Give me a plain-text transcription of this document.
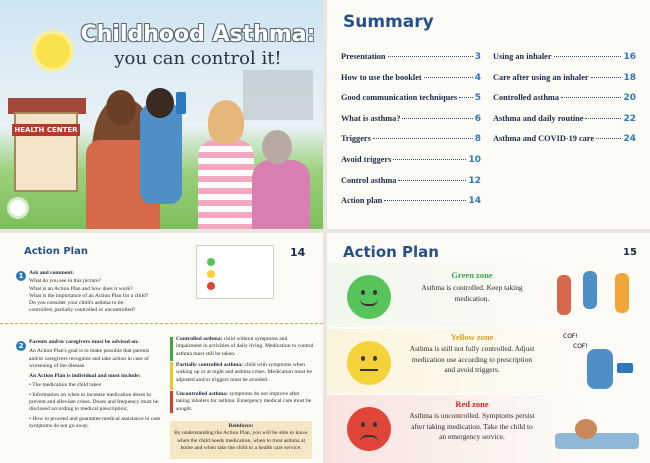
Childhood Asthma:
you can control it!
HEALTH CENTER
Summary
Presentation	3
How to use the booklet	4
Good communication techniques 5
What is asthma?	6
Triggers	8
Avoid triggers	10
Control asthma	12
Action plan	14
Using an inhaler	16
Care after using an inhaler	18
Controlled asthma	20
Asthma and daily routine	22
Asthma and COVID-19 care	24
Action Plan	14
1 Ask and comment:
What do you see in this picture?
What is an Action Plan and how does it work?
What is the importance of an Action Plan for a child?
Do you consider your child's asthma to be:
controlled, partially controlled or uncontrolled?
2 Parents and/or caregivers must be advised on:
An Action Plan's goal is to make possible that parents and/or caregivers recognize and take action in case of worsening of the disease.
An Action Plan is individual and must include:
• The medication the child takes
• Information on when to increase medication doses to prevent and alleviate crises. Doses and frequency must be disclosed according to medical prescription;
• How to proceed and guarantee medical assistance in case symptoms do not go away.
Controlled asthma: child without symptoms and impairment in activities of daily living. Medication to control asthma must still be taken.
Partially controlled asthma: child with symptoms when waking up or at night and asthma crises. Medication must be adjusted and/or triggers must be avoided.
Uncontrolled asthma: symptoms do not improve after taking inhalers for asthma. Emergency medical care must be sought.
Reinforce:
By understanding the Action Plan, you will be able to know when the child needs medication, when to treat asthma at home and when take the child to a health care service.
Action Plan	15
Green zone
Asthma is controlled. Keep taking medication.
Yellow zone
Asthma is still not fully controlled. Adjust medication use according to prescription and avoid triggers.
COF!
COF!
Red zone
Asthma is uncontrolled. Symptoms persist after taking medication. Take the child to an emergency service.
